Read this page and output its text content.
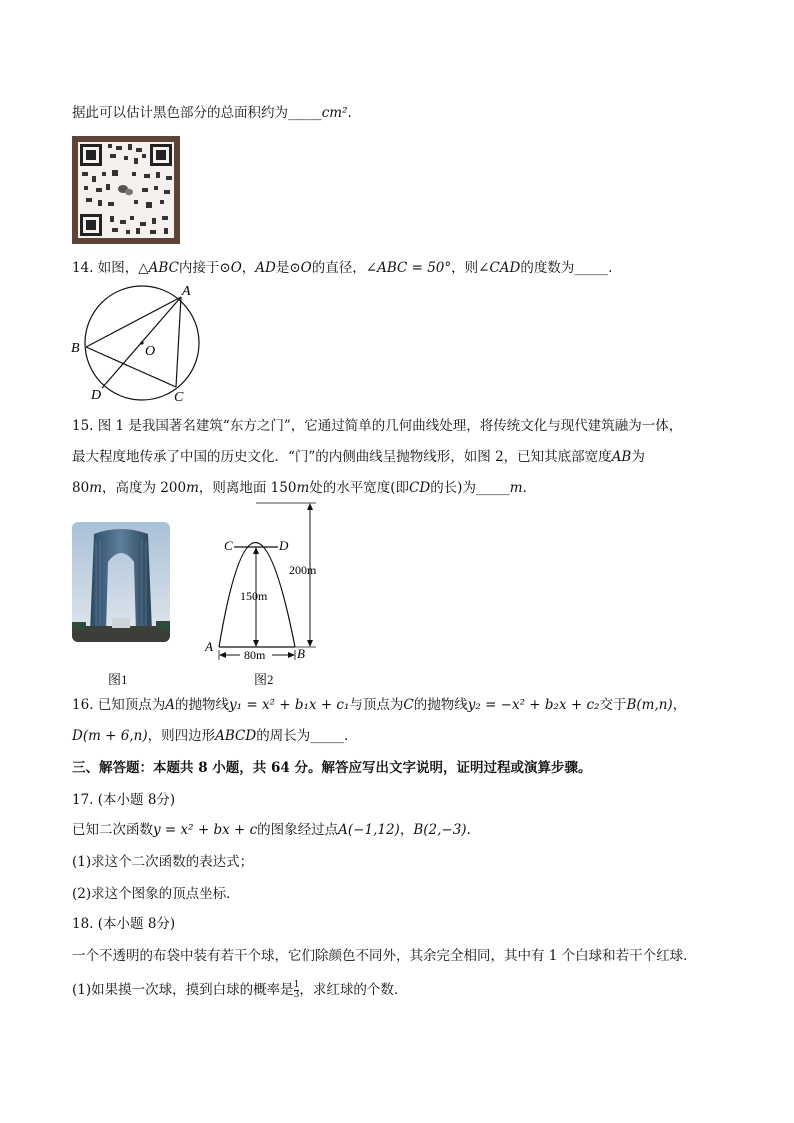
据此可以估计黑色部分的总面积约为_____cm².
14. 如图，△ABC内接于⊙O，AD是⊙O的直径，∠ABC = 50°，则∠CAD的度数为_____.
A
B
C
D
O
15. 图 1 是我国著名建筑“东方之门”，它通过简单的几何曲线处理，将传统文化与现代建筑融为一体，
最大程度地传承了中国的历史文化．“门”的内侧曲线呈抛物线形，如图 2，已知其底部宽度AB为
80m，高度为 200m，则离地面 150m处的水平宽度(即CD的长)为_____m.
图1
C	D
A	B
150m
200m
80m
图2
16. 已知顶点为A的抛物线y₁ = x² + b₁x + c₁与顶点为C的抛物线y₂ = −x² + b₂x + c₂交于B(m,n)，
D(m + 6,n)，则四边形ABCD的周长为_____.
三、解答题：本题共 8 小题，共 64 分。解答应写出文字说明，证明过程或演算步骤。
17. (本小题 8分)
已知二次函数y = x² + bx + c的图象经过点A(−1,12)，B(2,−3).
(1)求这个二次函数的表达式；
(2)求这个图象的顶点坐标．
18. (本小题 8分)
一个不透明的布袋中装有若干个球，它们除颜色不同外，其余完全相同，其中有 1 个白球和若干个红球．
(1)如果摸一次球，摸到白球的概率是 $\frac{1}{3}$ ，求红球的个数．
